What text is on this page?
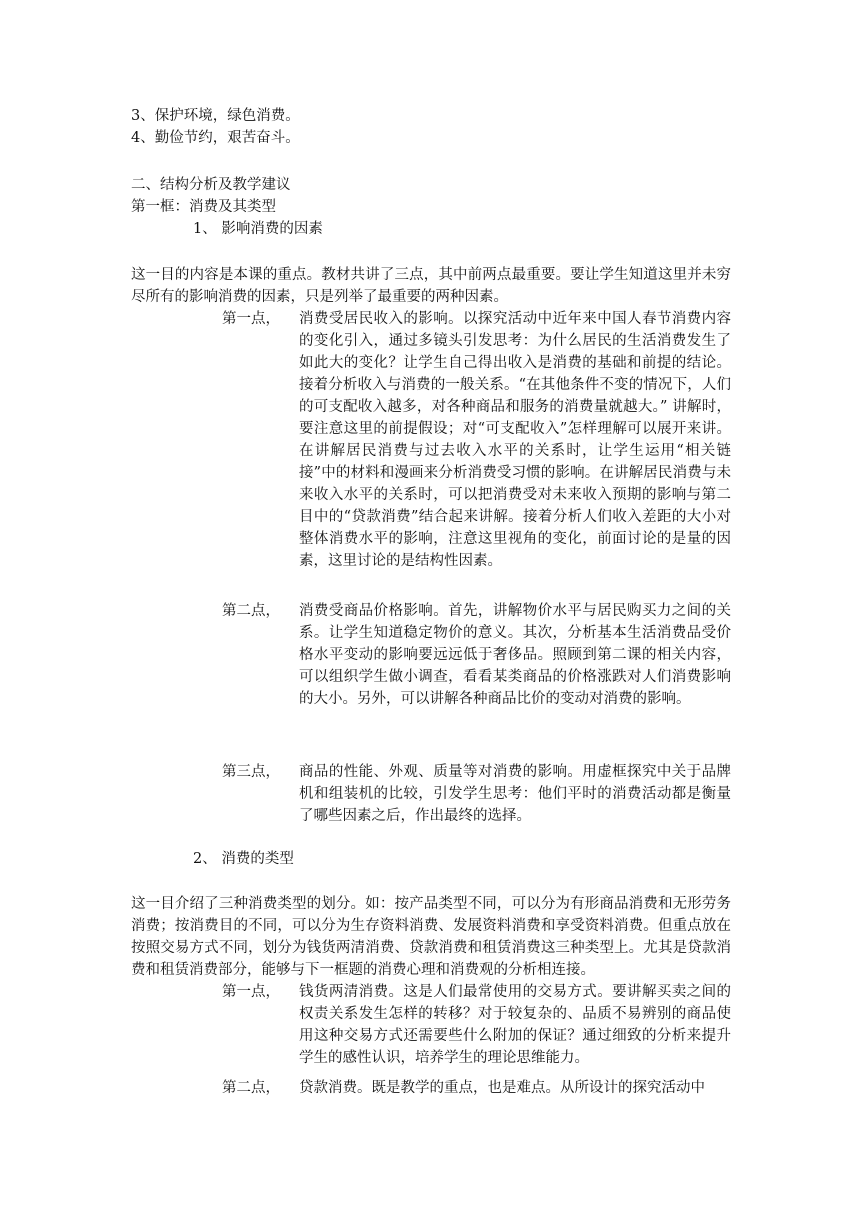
3、保护环境，绿色消费。
4、勤俭节约，艰苦奋斗。
二、结构分析及教学建议
第一框：消费及其类型
1、 影响消费的因素
这一目的内容是本课的重点。教材共讲了三点，其中前两点最重要。要让学生知道这里并未穷尽所有的影响消费的因素，只是列举了最重要的两种因素。
第一点， 消费受居民收入的影响。以探究活动中近年来中国人春节消费内容的变化引入，通过多镜头引发思考：为什么居民的生活消费发生了如此大的变化？让学生自己得出收入是消费的基础和前提的结论。接着分析收入与消费的一般关系。“在其他条件不变的情况下，人们的可支配收入越多，对各种商品和服务的消费量就越大。” 讲解时，要注意这里的前提假设；对“可支配收入”怎样理解可以展开来讲。在讲解居民消费与过去收入水平的关系时，让学生运用“相关链接”中的材料和漫画来分析消费受习惯的影响。在讲解居民消费与未来收入水平的关系时，可以把消费受对未来收入预期的影响与第二目中的“贷款消费”结合起来讲解。接着分析人们收入差距的大小对整体消费水平的影响，注意这里视角的变化，前面讨论的是量的因素，这里讨论的是结构性因素。
第二点， 消费受商品价格影响。首先，讲解物价水平与居民购买力之间的关系。让学生知道稳定物价的意义。其次，分析基本生活消费品受价格水平变动的影响要远远低于奢侈品。照顾到第二课的相关内容，可以组织学生做小调查，看看某类商品的价格涨跌对人们消费影响的大小。另外，可以讲解各种商品比价的变动对消费的影响。
第三点， 商品的性能、外观、质量等对消费的影响。用虚框探究中关于品牌机和组装机的比较，引发学生思考：他们平时的消费活动都是衡量了哪些因素之后，作出最终的选择。
2、 消费的类型
这一目介绍了三种消费类型的划分。如：按产品类型不同，可以分为有形商品消费和无形劳务消费；按消费目的不同，可以分为生存资料消费、发展资料消费和享受资料消费。但重点放在按照交易方式不同，划分为钱货两清消费、贷款消费和租赁消费这三种类型上。尤其是贷款消费和租赁消费部分，能够与下一框题的消费心理和消费观的分析相连接。
第一点， 钱货两清消费。这是人们最常使用的交易方式。要讲解买卖之间的权责关系发生怎样的转移？对于较复杂的、品质不易辨别的商品使用这种交易方式还需要些什么附加的保证？通过细致的分析来提升学生的感性认识，培养学生的理论思维能力。
第二点， 贷款消费。既是教学的重点，也是难点。从所设计的探究活动中
